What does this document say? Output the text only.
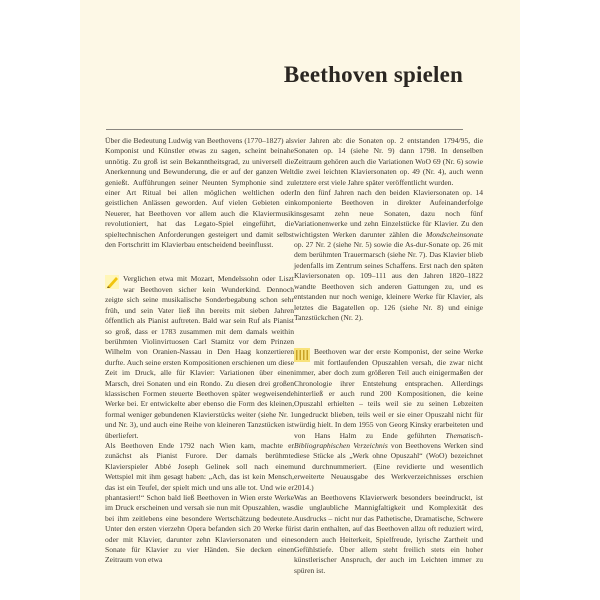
Beethoven spielen

Über die Bedeutung Ludwig van Beethovens (1770–1827) als Komponist und Künstler etwas zu sagen, scheint beinahe unnötig. Zu groß ist sein Bekanntheitsgrad, zu universell die Anerkennung und Bewunderung, die er auf der ganzen Welt genießt. Aufführungen seiner Neunten Symphonie sind zu einer Art Ritual bei allen möglichen weltlichen oder geistlichen Anlässen geworden. Auf vielen Gebieten ein Neuerer, hat Beethoven vor allem auch die Klaviermusik revolutioniert, hat das Legato-Spiel eingeführt, die spieltechnischen Anforderungen gesteigert und damit selbst den Fortschritt im Klavierbau entscheidend beeinflusst.

Verglichen etwa mit Mozart, Mendelssohn oder Liszt war Beethoven sicher kein Wunderkind. Dennoch zeigte sich seine musikalische Sonderbegabung schon sehr früh, und sein Vater ließ ihn bereits mit sieben Jahren öffentlich als Pianist auftreten. Bald war sein Ruf als Pianist so groß, dass er 1783 zusammen mit dem damals weithin berühmten Violinvirtuosen Carl Stamitz vor dem Prinzen Wilhelm von Oranien-Nassau in Den Haag konzertieren durfte. Auch seine ersten Kompositionen erschienen um diese Zeit im Druck, alle für Klavier: Variationen über einen Marsch, drei Sonaten und ein Rondo. Zu diesen drei großen klassischen Formen steuerte Beethoven später wegweisende Werke bei. Er entwickelte aber ebenso die Form des kleinen, formal weniger gebundenen Klavierstücks weiter (siehe Nr. 1 und Nr. 3), und auch eine Reihe von kleineren Tanzstücken ist überliefert.

Als Beethoven Ende 1792 nach Wien kam, machte er zunächst als Pianist Furore. Der damals berühmte Klavierspieler Abbé Joseph Gelinek soll nach einem Wettspiel mit ihm gesagt haben: „Ach, das ist kein Mensch, das ist ein Teufel, der spielt mich und uns alle tot. Und wie er phantasiert!“ Schon bald ließ Beethoven in Wien erste Werke im Druck erscheinen und versah sie nun mit Opuszahlen, was bei ihm zeitlebens eine besondere Wertschätzung bedeutete. Unter den ersten vierzehn Opera befanden sich 20 Werke für oder mit Klavier, darunter zehn Klaviersonaten und eine Sonate für Klavier zu vier Händen. Sie decken einen Zeitraum von etwa

vier Jahren ab: die Sonaten op. 2 entstanden 1794/95, die Sonaten op. 14 (siehe Nr. 9) dann 1798. In denselben Zeitraum gehören auch die Variationen WoO 69 (Nr. 6) sowie die zwei leichten Klaviersonaten op. 49 (Nr. 4), auch wenn letztere erst viele Jahre später veröffentlicht wurden.

In den fünf Jahren nach den beiden Klaviersonaten op. 14 komponierte Beethoven in direkter Aufeinanderfolge insgesamt zehn neue Sonaten, dazu noch fünf Variationenwerke und zehn Einzelstücke für Klavier. Zu den wichtigsten Werken darunter zählen die Mondscheinsonate op. 27 Nr. 2 (siehe Nr. 5) sowie die As-dur-Sonate op. 26 mit dem berühmten Trauermarsch (siehe Nr. 7). Das Klavier blieb jedenfalls im Zentrum seines Schaffens. Erst nach den späten Klaviersonaten op. 109–111 aus den Jahren 1820–1822 wandte Beethoven sich anderen Gattungen zu, und es entstanden nur noch wenige, kleinere Werke für Klavier, als letztes die Bagatellen op. 126 (siehe Nr. 8) und einige Tanzstückchen (Nr. 2).

Beethoven war der erste Komponist, der seine Werke mit fortlaufenden Opuszahlen versah, die zwar nicht immer, aber doch zum größeren Teil auch einigermaßen der Chronologie ihrer Entstehung entsprachen. Allerdings hinterließ er auch rund 200 Kompositionen, die keine Opuszahl erhielten – teils weil sie zu seinen Lebzeiten ungedruckt blieben, teils weil er sie einer Opuszahl nicht für würdig hielt. In dem 1955 von Georg Kinsky erarbeiteten und von Hans Halm zu Ende geführten Thematisch-Bibliographischen Verzeichnis von Beethovens Werken sind diese Stücke als „Werk ohne Opuszahl“ (WoO) bezeichnet und durchnummeriert. (Eine revidierte und wesentlich erweiterte Neuausgabe des Werkverzeichnisses erschien 2014.)

Was an Beethovens Klavierwerk besonders beeindruckt, ist die unglaubliche Mannigfaltigkeit und Komplexität des Ausdrucks – nicht nur das Pathetische, Dramatische, Schwere ist darin enthalten, auf das Beethoven allzu oft reduziert wird, sondern auch Heiterkeit, Spielfreude, lyrische Zartheit und Gefühlstiefe. Über allem steht freilich stets ein hoher künstlerischer Anspruch, der auch im Leichten immer zu spüren ist.
